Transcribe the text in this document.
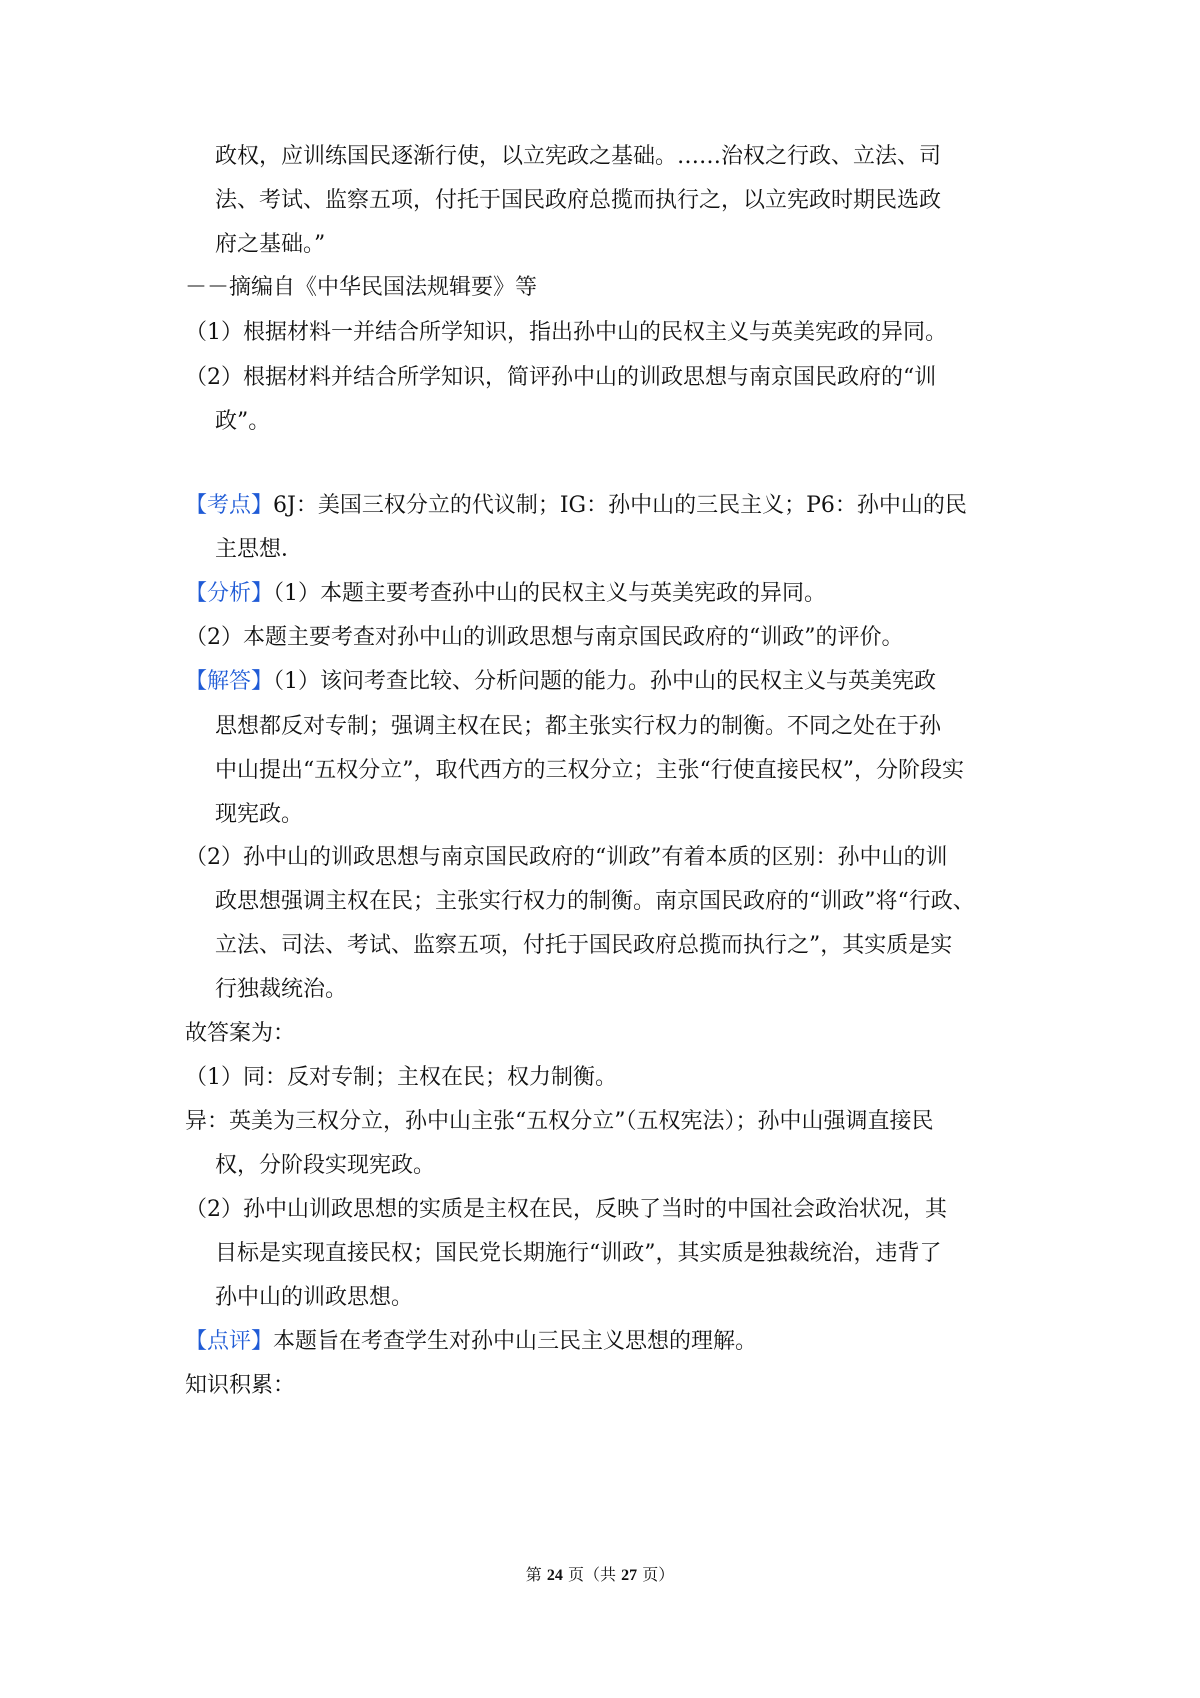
政权，应训练国民逐渐行使，以立宪政之基础。……治权之行政、立法、司
法、考试、监察五项，付托于国民政府总揽而执行之，以立宪政时期民选政
府之基础。”
－－摘编自《中华民国法规辑要》等
（1）根据材料一并结合所学知识，指出孙中山的民权主义与英美宪政的异同。
（2）根据材料并结合所学知识，简评孙中山的训政思想与南京国民政府的“训
政”。
【考点】6J：美国三权分立的代议制；IG：孙中山的三民主义；P6：孙中山的民
主思想．
【分析】（1）本题主要考查孙中山的民权主义与英美宪政的异同。
（2）本题主要考查对孙中山的训政思想与南京国民政府的“训政”的评价。
【解答】（1）该问考查比较、分析问题的能力。孙中山的民权主义与英美宪政
思想都反对专制；强调主权在民；都主张实行权力的制衡。不同之处在于孙
中山提出“五权分立”，取代西方的三权分立；主张“行使直接民权”，分阶段实
现宪政。
（2）孙中山的训政思想与南京国民政府的“训政”有着本质的区别：孙中山的训
政思想强调主权在民；主张实行权力的制衡。南京国民政府的“训政”将“行政、
立法、司法、考试、监察五项，付托于国民政府总揽而执行之”，其实质是实
行独裁统治。
故答案为：
（1）同：反对专制；主权在民；权力制衡。
异：英美为三权分立，孙中山主张“五权分立”（五权宪法）；孙中山强调直接民
权，分阶段实现宪政。
（2）孙中山训政思想的实质是主权在民，反映了当时的中国社会政治状况，其
目标是实现直接民权；国民党长期施行“训政”，其实质是独裁统治，违背了
孙中山的训政思想。
【点评】本题旨在考查学生对孙中山三民主义思想的理解。
知识积累：
第 24 页（共 27 页）
